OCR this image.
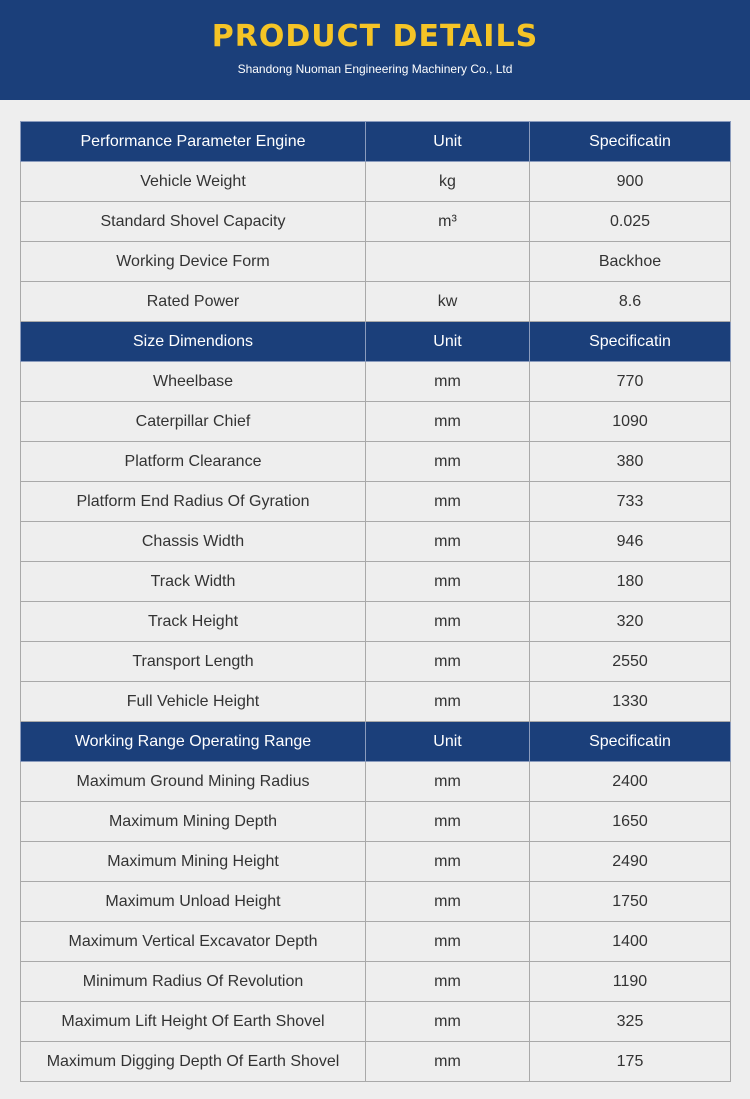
PRODUCT DETAILS
Shandong Nuoman Engineering Machinery Co., Ltd
Performance Parameter Engine	Unit	Specificatin
Vehicle Weight	kg	900
Standard Shovel Capacity	m³	0.025
Working Device Form		Backhoe
Rated Power	kw	8.6
Size Dimendions	Unit	Specificatin
Wheelbase	mm	770
Caterpillar Chief	mm	1090
Platform Clearance	mm	380
Platform End Radius Of Gyration	mm	733
Chassis Width	mm	946
Track Width	mm	180
Track Height	mm	320
Transport Length	mm	2550
Full Vehicle Height	mm	1330
Working Range Operating Range	Unit	Specificatin
Maximum Ground Mining Radius	mm	2400
Maximum Mining Depth	mm	1650
Maximum Mining Height	mm	2490
Maximum Unload Height	mm	1750
Maximum Vertical Excavator Depth	mm	1400
Minimum Radius Of Revolution	mm	1190
Maximum Lift Height Of Earth Shovel	mm	325
Maximum Digging Depth Of Earth Shovel	mm	175
